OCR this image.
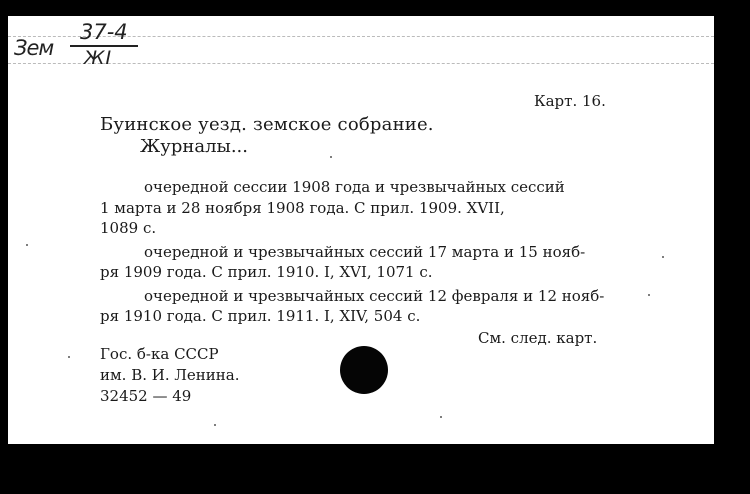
Зем
37-4
ЖI
Карт. 16.
Буинское уезд. земское собрание.
Журналы...
очередной сессии 1908 года и чрезвычайных сессий
1 марта и 28 ноября 1908 года. С прил. 1909. XVII,
1089 с.
очередной и чрезвычайных сессий 17 марта и 15 нояб-
ря 1909 года. С прил. 1910. I, XVI, 1071 с.
очередной и чрезвычайных сессий 12 февраля и 12 нояб-
ря 1910 года. С прил. 1911. I, XIV, 504 с.
См. след. карт.
Гос. б-ка СССР
им. В. И. Ленина.
32452 — 49
